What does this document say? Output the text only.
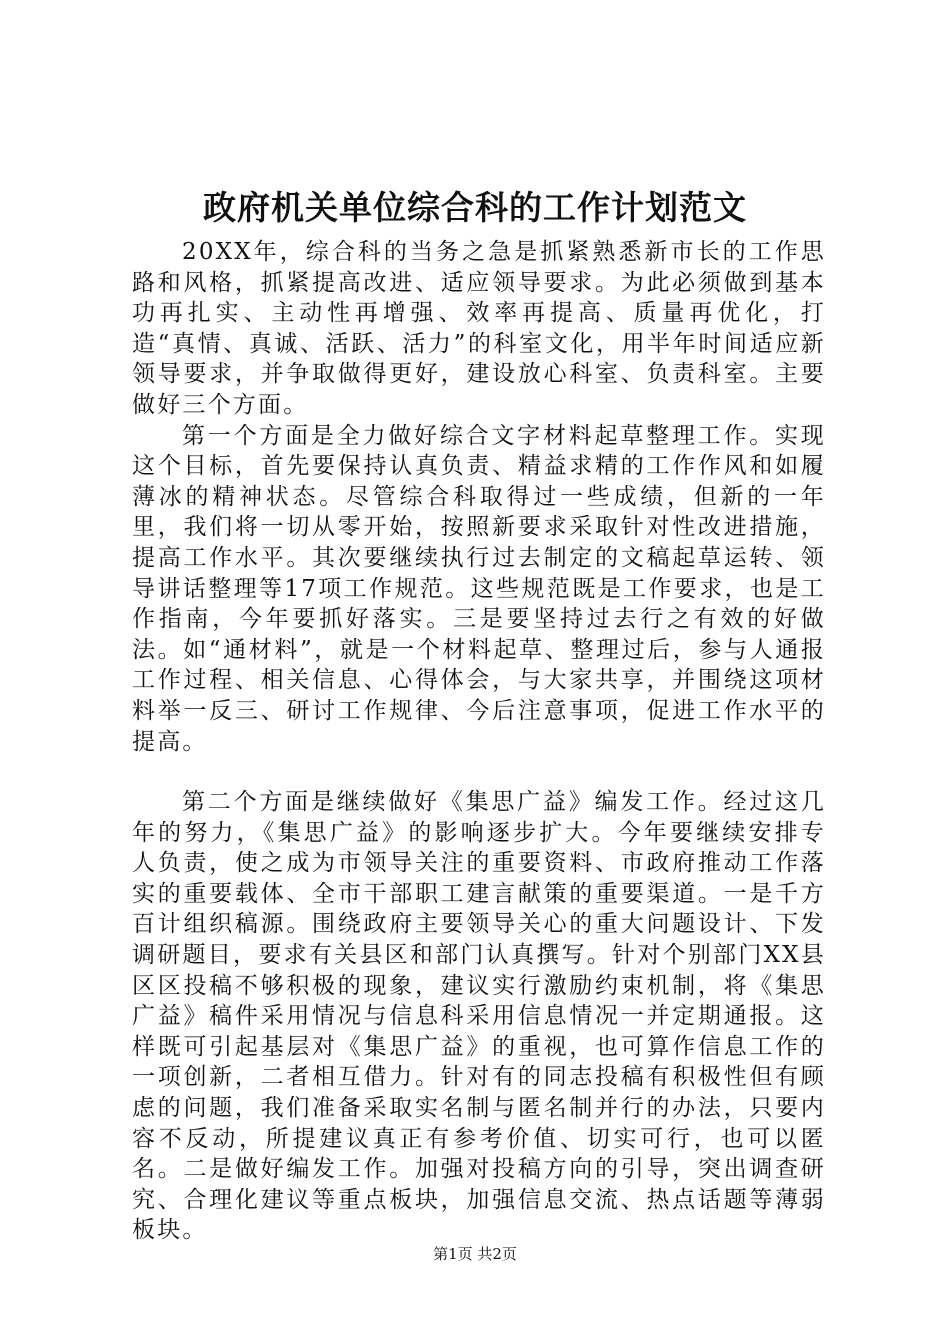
政府机关单位综合科的工作计划范文

20XX年，综合科的当务之急是抓紧熟悉新市长的工作思路和风格，抓紧提高改进、适应领导要求。为此必须做到基本功再扎实、主动性再增强、效率再提高、质量再优化，打造“真情、真诚、活跃、活力”的科室文化，用半年时间适应新领导要求，并争取做得更好，建设放心科室、负责科室。主要做好三个方面。

第一个方面是全力做好综合文字材料起草整理工作。实现这个目标，首先要保持认真负责、精益求精的工作作风和如履薄冰的精神状态。尽管综合科取得过一些成绩，但新的一年里，我们将一切从零开始，按照新要求采取针对性改进措施，提高工作水平。其次要继续执行过去制定的文稿起草运转、领导讲话整理等17项工作规范。这些规范既是工作要求，也是工作指南，今年要抓好落实。三是要坚持过去行之有效的好做法。如“通材料”，就是一个材料起草、整理过后，参与人通报工作过程、相关信息、心得体会，与大家共享，并围绕这项材料举一反三、研讨工作规律、今后注意事项，促进工作水平的提高。

第二个方面是继续做好《集思广益》编发工作。经过这几年的努力，《集思广益》的影响逐步扩大。今年要继续安排专人负责，使之成为市领导关注的重要资料、市政府推动工作落实的重要载体、全市干部职工建言献策的重要渠道。一是千方百计组织稿源。围绕政府主要领导关心的重大问题设计、下发调研题目，要求有关县区和部门认真撰写。针对个别部门XX县区区投稿不够积极的现象，建议实行激励约束机制，将《集思广益》稿件采用情况与信息科采用信息情况一并定期通报。这样既可引起基层对《集思广益》的重视，也可算作信息工作的一项创新，二者相互借力。针对有的同志投稿有积极性但有顾虑的问题，我们准备采取实名制与匿名制并行的办法，只要内容不反动，所提建议真正有参考价值、切实可行，也可以匿名。二是做好编发工作。加强对投稿方向的引导，突出调查研究、合理化建议等重点板块，加强信息交流、热点话题等薄弱板块。

第1页 共2页
